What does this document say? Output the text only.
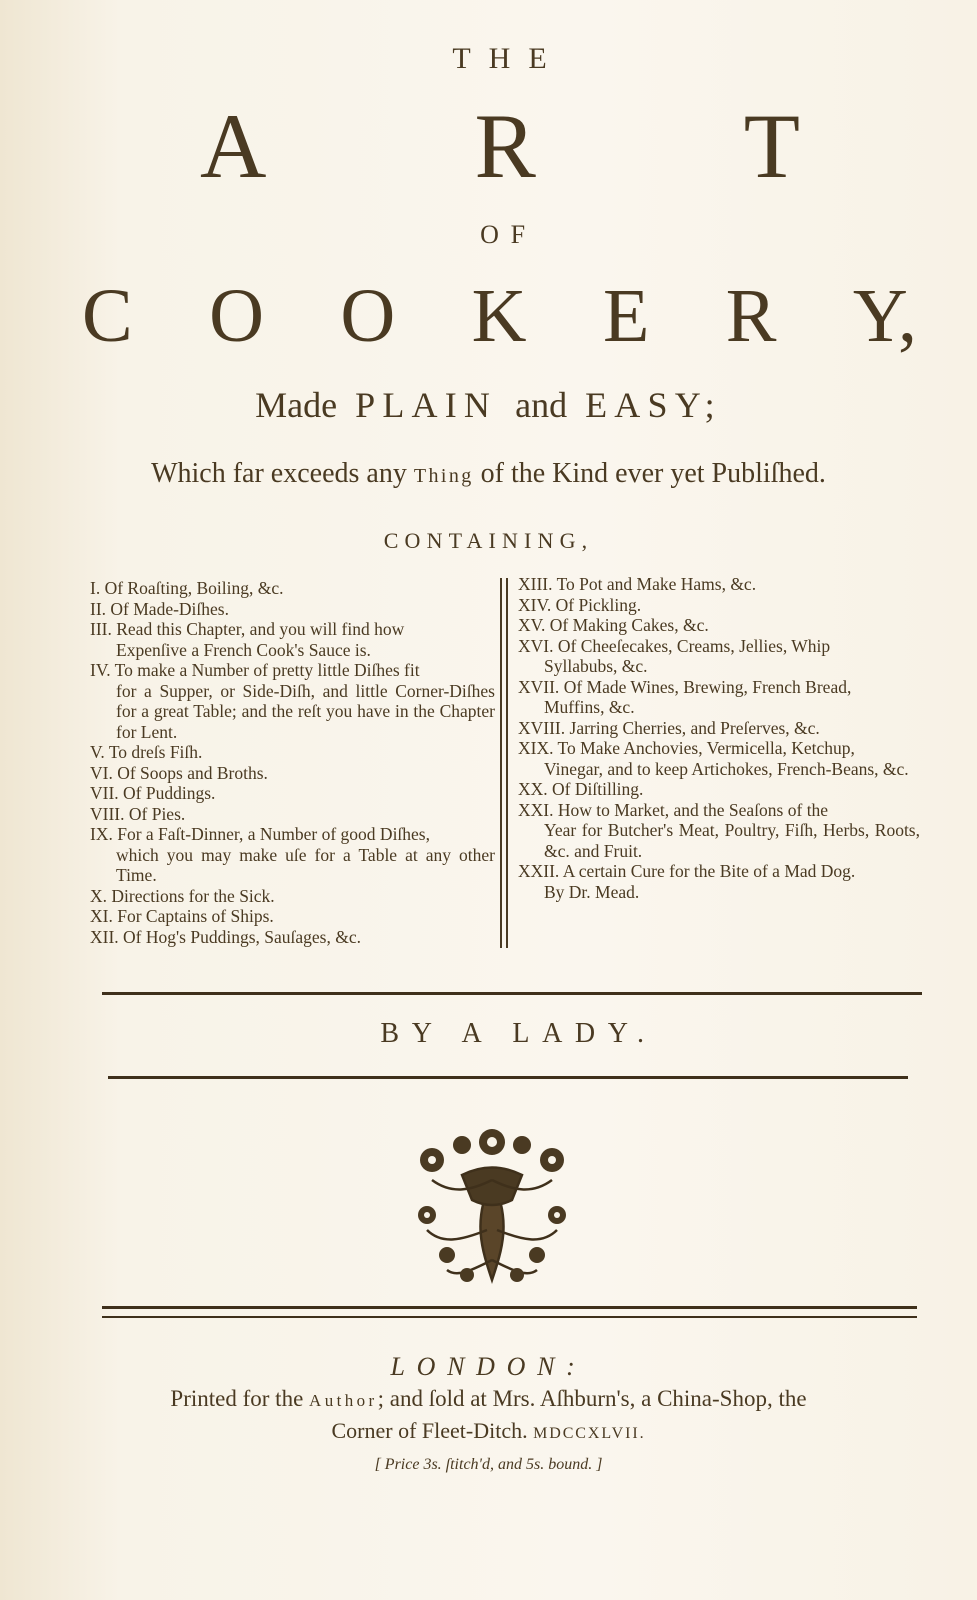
THE
A R T
OF
C O O K E R Y,
Made PLAIN and EASY;
Which far exceeds any Thing of the Kind ever yet Publiſhed.
CONTAINING,
I. Of Roaſting, Boiling, &c.
II. Of Made-Diſhes.
III. Read this Chapter, and you will find how
Expenſive a French Cook's Sauce is.
IV. To make a Number of pretty little Diſhes fit
for a Supper, or Side-Diſh, and little Corner-Diſhes for a great Table; and the reſt you have in the Chapter for Lent.
V. To dreſs Fiſh.
VI. Of Soops and Broths.
VII. Of Puddings.
VIII. Of Pies.
IX. For a Faſt-Dinner, a Number of good Diſhes,
which you may make uſe for a Table at any other Time.
X. Directions for the Sick.
XI. For Captains of Ships.
XII. Of Hog's Puddings, Sauſages, &c.
XIII. To Pot and Make Hams, &c.
XIV. Of Pickling.
XV. Of Making Cakes, &c.
XVI. Of Cheeſecakes, Creams, Jellies, Whip
Syllabubs, &c.
XVII. Of Made Wines, Brewing, French Bread,
Muffins, &c.
XVIII. Jarring Cherries, and Preſerves, &c.
XIX. To Make Anchovies, Vermicella, Ketchup,
Vinegar, and to keep Artichokes, French-Beans, &c.
XX. Of Diſtilling.
XXI. How to Market, and the Seaſons of the
Year for Butcher's Meat, Poultry, Fiſh, Herbs, Roots, &c. and Fruit.
XXII. A certain Cure for the Bite of a Mad Dog.
By Dr. Mead.
BY A LADY.
LONDON:
Printed for the Author; and ſold at Mrs. Aſhburn's, a China-Shop, the
Corner of Fleet-Ditch. MDCCXLVII.
[ Price 3s. ſtitch'd, and 5s. bound. ]
